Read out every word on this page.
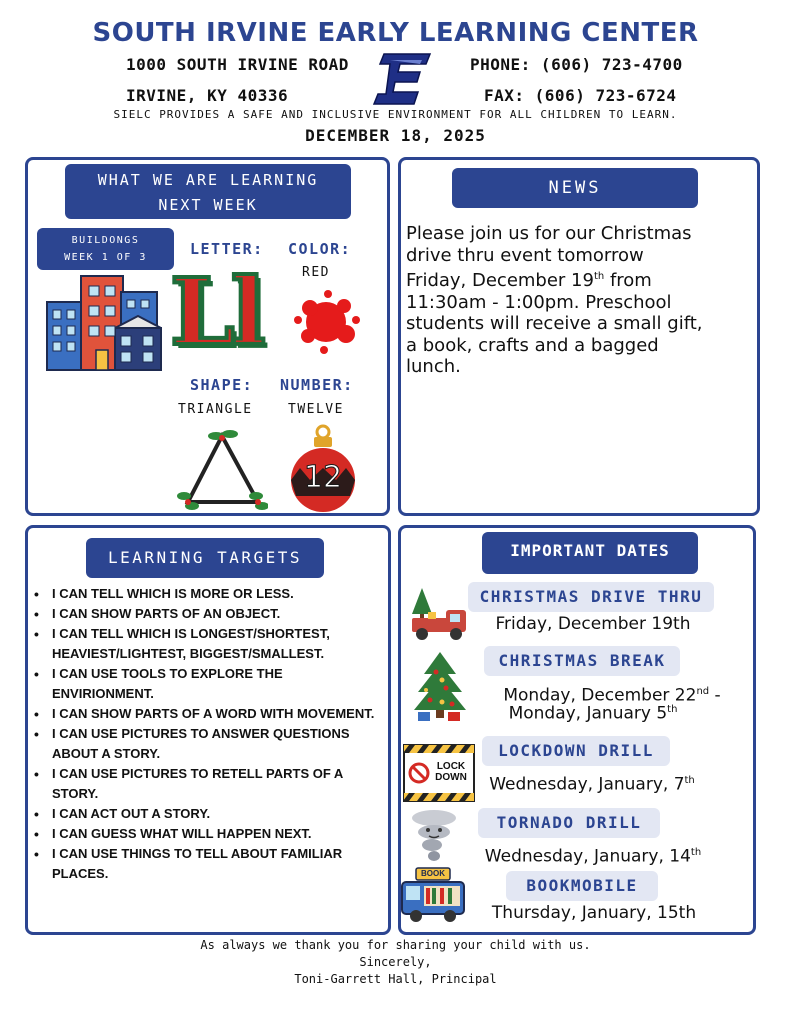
SOUTH IRVINE EARLY LEARNING CENTER
1000 SOUTH IRVINE ROAD
IRVINE, KY 40336
PHONE: (606) 723-4700
FAX: (606) 723-6724
SIELC PROVIDES A SAFE AND INCLUSIVE ENVIRONMENT FOR ALL CHILDREN TO LEARN.
DECEMBER 18, 2025
WHAT WE ARE LEARNING
NEXT WEEK
BUILDONGS
WEEK 1 OF 3	LETTER: COLOR:
RED
Ll
SHAPE: NUMBER:
TRIANGLE	TWELVE
12
NEWS
Please join us for our Christmas
drive thru event tomorrow
Friday, December 19th from
11:30am - 1:00pm. Preschool
students will receive a small gift,
a book, crafts and a bagged
lunch.
LEARNING TARGETS
• I CAN TELL WHICH IS MORE OR LESS.
• I CAN SHOW PARTS OF AN OBJECT.
• I CAN TELL WHICH IS LONGEST/SHORTEST, HEAVIEST/LIGHTEST, BIGGEST/SMALLEST.
• I CAN USE TOOLS TO EXPLORE THE ENVIRIONMENT.
• I CAN SHOW PARTS OF A WORD WITH MOVEMENT.
• I CAN USE PICTURES TO ANSWER QUESTIONS ABOUT A STORY.
• I CAN USE PICTURES TO RETELL PARTS OF A STORY.
• I CAN ACT OUT A STORY.
• I CAN GUESS WHAT WILL HAPPEN NEXT.
• I CAN USE THINGS TO TELL ABOUT FAMILIAR PLACES.
IMPORTANT DATES
CHRISTMAS DRIVE THRU
Friday, December 19th
CHRISTMAS BREAK
Monday, December 22nd -
Monday, January 5th
LOCK DOWN
LOCKDOWN DRILL
Wednesday, January, 7th
TORNADO DRILL
Wednesday, January, 14th
BOOK
BOOKMOBILE
Thursday, January, 15th
As always we thank you for sharing your child with us.
Sincerely,
Toni-Garrett Hall, Principal
